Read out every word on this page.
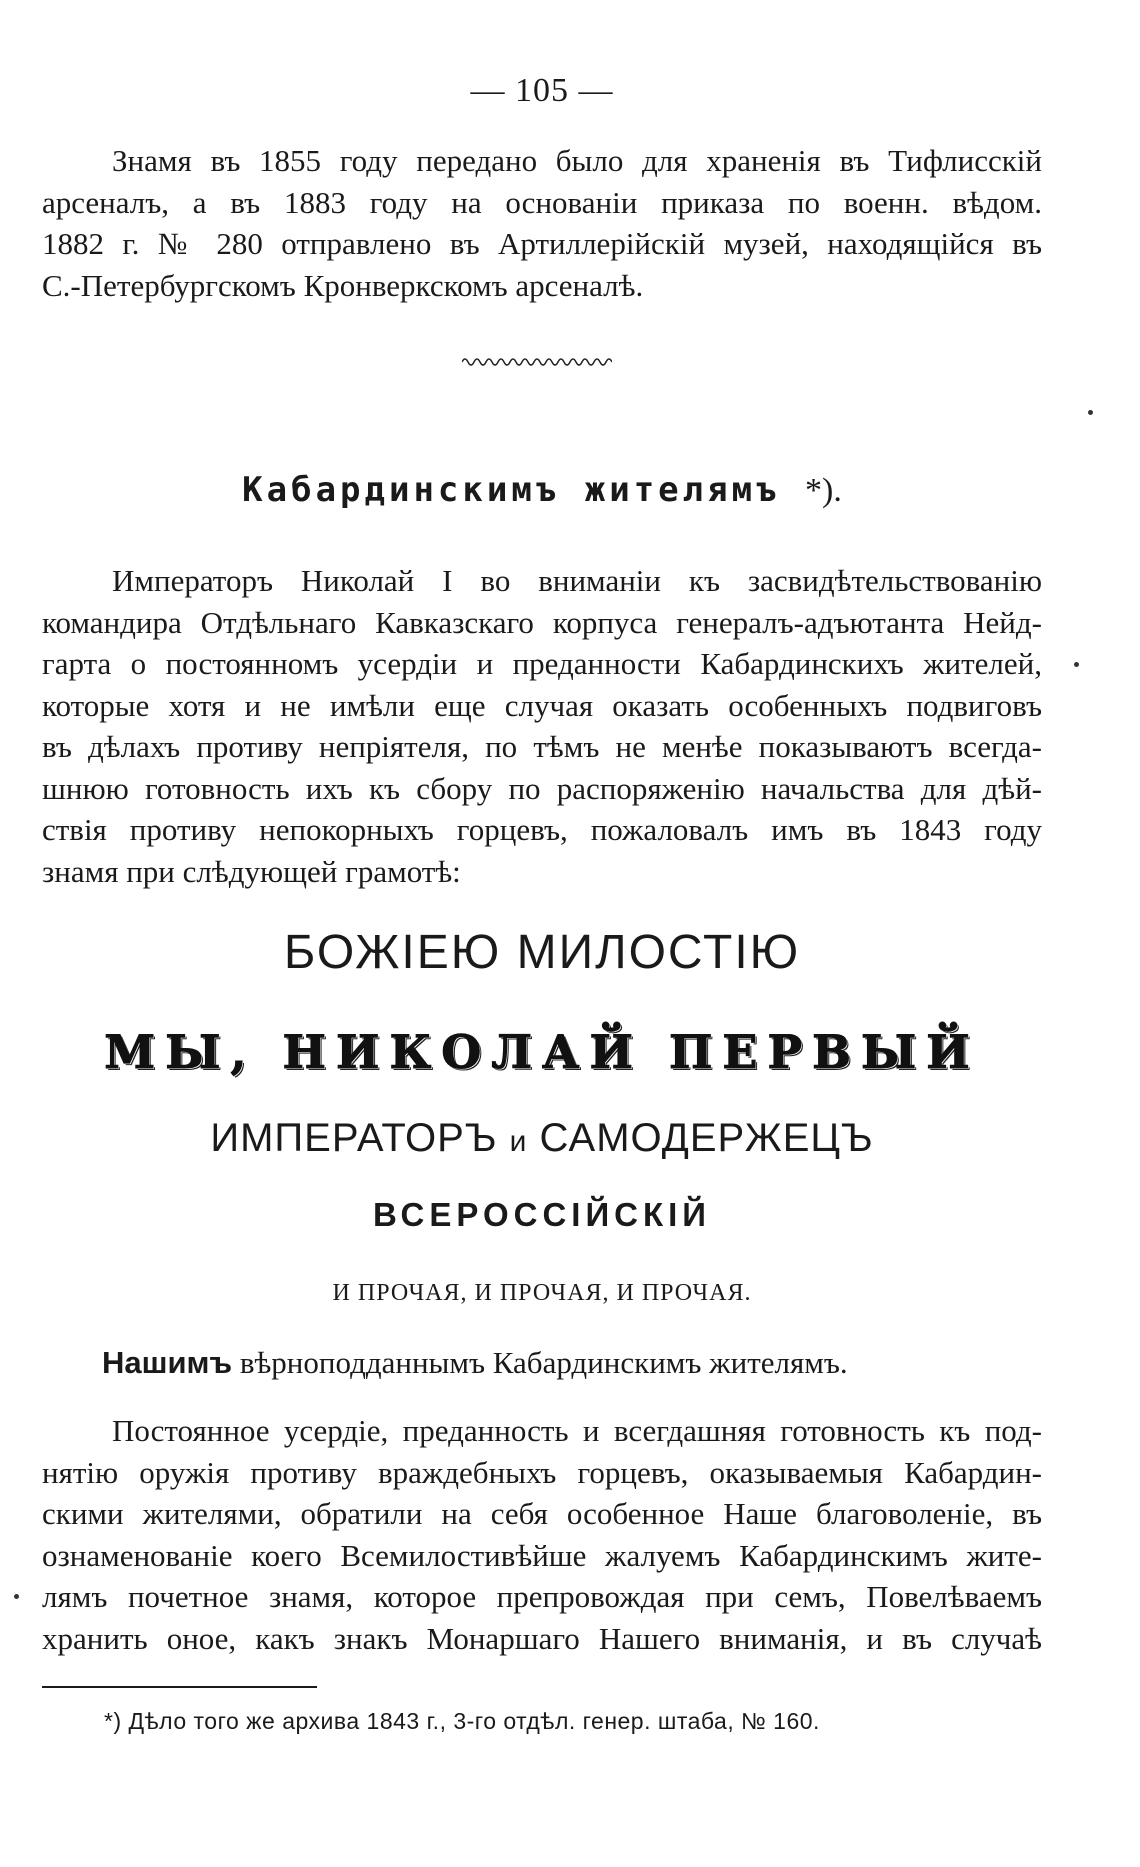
— 105 —
Знамя въ 1855 году передано было для храненія въ Тифлисскій
арсеналъ, а въ 1883 году на основаніи приказа по военн. вѣдом.
1882 г. № 280 отправлено въ Артиллерійскій музей, находящійся въ
С.-Петербургскомъ Кронверкскомъ арсеналѣ.
Кабардинскимъ жителямъ *).
Императоръ Николай I во вниманіи къ засвидѣтельствованію
командира Отдѣльнаго Кавказскаго корпуса генералъ-адъютанта Нейд-
гарта о постоянномъ усердіи и преданности Кабардинскихъ жителей,
которые хотя и не имѣли еще случая оказать особенныхъ подвиговъ
въ дѣлахъ противу непріятеля, по тѣмъ не менѣе показываютъ всегда-
шнюю готовность ихъ къ сбору по распоряженію начальства для дѣй-
ствія противу непокорныхъ горцевъ, пожаловалъ имъ въ 1843 году
знамя при слѣдующей грамотѣ:
БОЖІЕЮ МИЛОСТІЮ
МЫ, НИКОЛАЙ ПЕРВЫЙ
ИМПЕРАТОРЪ и САМОДЕРЖЕЦЪ
ВСЕРОССІЙСКІЙ
И ПРОЧАЯ, И ПРОЧАЯ, И ПРОЧАЯ.
Нашимъ вѣрноподданнымъ Кабардинскимъ жителямъ.
Постоянное усердіе, преданность и всегдашняя готовность къ под-
нятію оружія противу враждебныхъ горцевъ, оказываемыя Кабардин-
скими жителями, обратили на себя особенное Наше благоволеніе, въ
ознаменованіе коего Всемилостивѣйше жалуемъ Кабардинскимъ жите-
лямъ почетное знамя, которое препровождая при семъ, Повелѣваемъ
хранить оное, какъ знакъ Монаршаго Нашего вниманія, и въ случаѣ
*) Дѣло того же архива 1843 г., 3-го отдѣл. генер. штаба, № 160.
